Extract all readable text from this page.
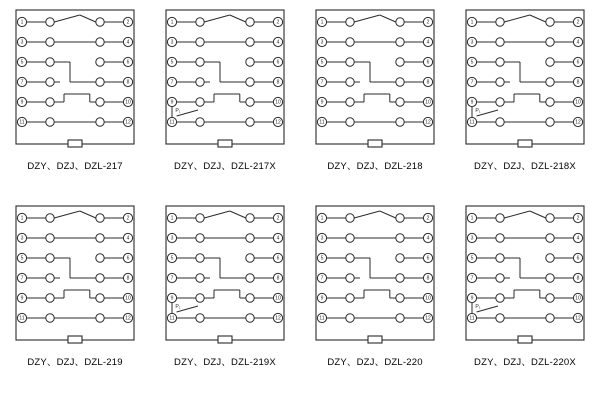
1
3
5
7
9
11
2
4
6
8
10
12
DZY、DZJ、DZL-217
1
3
5
7
9
11
2
4
6
8
10
12
P₁
DZY、DZJ、DZL-217X
1
3
5
7
9
11
2
4
6
8
10
12
DZY、DZJ、DZL-218
1
3
5
7
9
11
2
4
6
8
10
12
P₁
DZY、DZJ、DZL-218X
1
3
5
7
9
11
2
4
6
8
10
12
DZY、DZJ、DZL-219
1
3
5
7
9
11
2
4
6
8
10
12
P₁
DZY、DZJ、DZL-219X
1
3
5
7
9
11
2
4
6
8
10
12
DZY、DZJ、DZL-220
1
3
5
7
9
11
2
4
6
8
10
12
P₁
DZY、DZJ、DZL-220X
